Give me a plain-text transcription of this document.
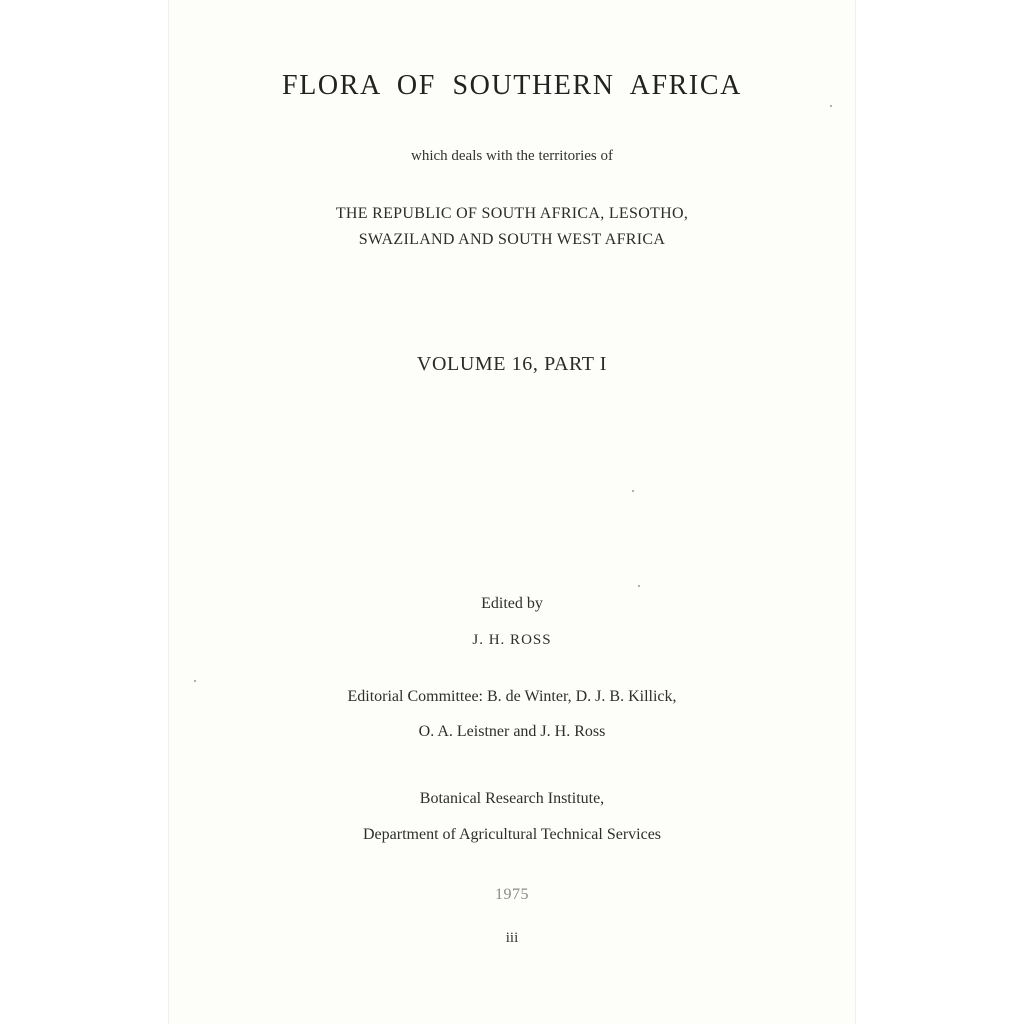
FLORA OF SOUTHERN AFRICA
which deals with the territories of
THE REPUBLIC OF SOUTH AFRICA, LESOTHO,
SWAZILAND AND SOUTH WEST AFRICA
VOLUME 16, PART I
Edited by
J. H. ROSS
Editorial Committee: B. de Winter, D. J. B. Killick,
O. A. Leistner and J. H. Ross
Botanical Research Institute,
Department of Agricultural Technical Services
1975
iii
